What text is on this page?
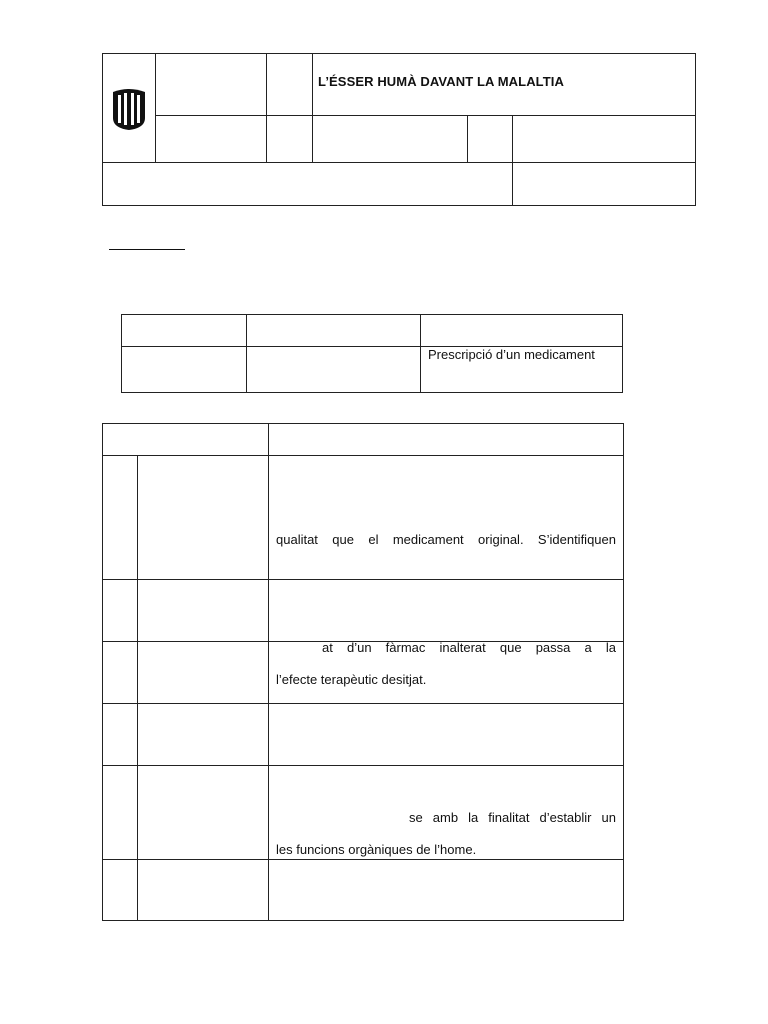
L’ÉSSER HUMÀ DAVANT LA MALALTIA
Prescripció d’un medicament
qualitat que el medicament original. S’identifiquen
at d’un fàrmac inalterat que passa a la
l’efecte terapèutic desitjat.
se amb la finalitat d’establir un
les funcions orgàniques de l’home.
